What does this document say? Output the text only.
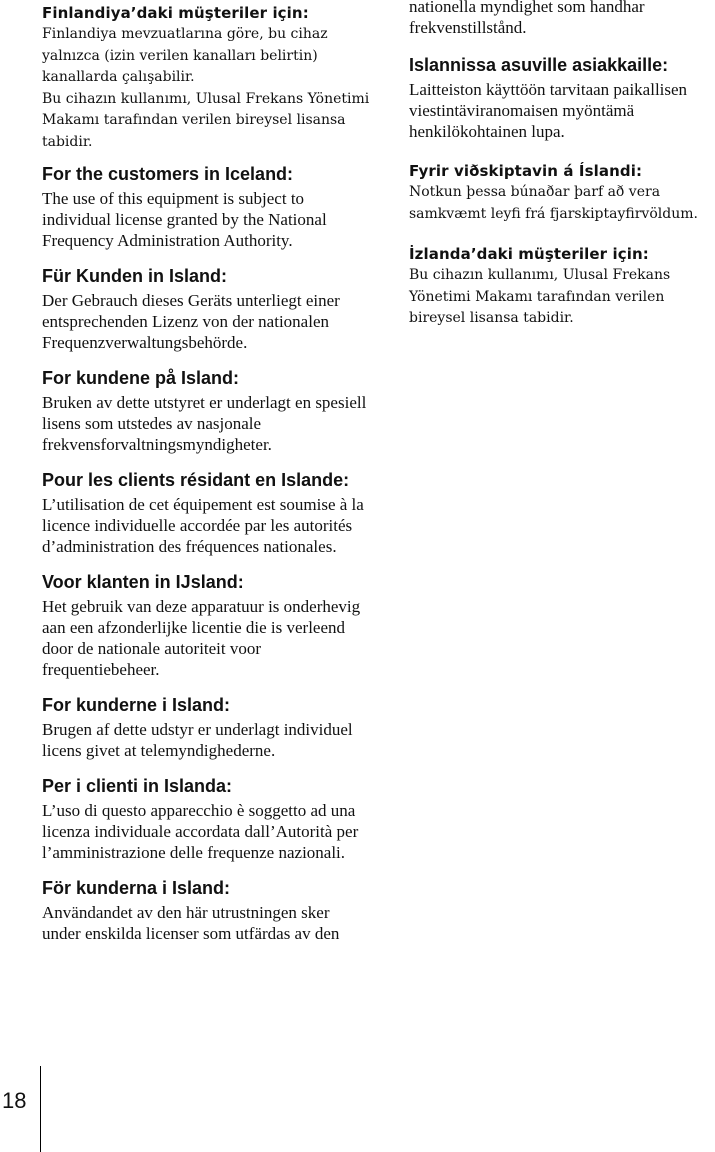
Finlandiya’daki müşteriler için:

Finlandiya mevzuatlarına göre, bu cihaz yalnızca (izin verilen kanalları belirtin) kanallarda çalışabilir.

Bu cihazın kullanımı, Ulusal Frekans Yönetimi Makamı tarafından verilen bireysel lisansa tabidir.

For the customers in Iceland:

The use of this equipment is subject to individual license granted by the National Frequency Administration Authority.

Für Kunden in Island:

Der Gebrauch dieses Geräts unterliegt einer entsprechenden Lizenz von der nationalen Frequenzverwaltungsbehörde.

For kundene på Island:

Bruken av dette utstyret er underlagt en spesiell lisens som utstedes av nasjonale frekvensforvaltningsmyndigheter.

Pour les clients résidant en Islande:

L’utilisation de cet équipement est soumise à la licence individuelle accordée par les autorités d’administration des fréquences nationales.

Voor klanten in IJsland:

Het gebruik van deze apparatuur is onderhevig aan een afzonderlijke licentie die is verleend door de nationale autoriteit voor frequentiebeheer.

For kunderne i Island:

Brugen af dette udstyr er underlagt individuel licens givet at telemyndighederne.

Per i clienti in Islanda:

L’uso di questo apparecchio è soggetto ad una licenza individuale accordata dall’Autorità per l’amministrazione delle frequenze nazionali.

För kunderna i Island:

Användandet av den här utrustningen sker under enskilda licenser som utfärdas av den

nationella myndighet som handhar frekvenstillstånd.

Islannissa asuville asiakkaille:

Laitteiston käyttöön tarvitaan paikallisen viestintäviranomaisen myöntämä henkilökohtainen lupa.

Fyrir viðskiptavin á Íslandi:

Notkun þessa búnaðar þarf að vera samkvæmt leyfi frá fjarskiptayfirvöldum.

İzlanda’daki müşteriler için:

Bu cihazın kullanımı, Ulusal Frekans Yönetimi Makamı tarafından verilen bireysel lisansa tabidir.

18
